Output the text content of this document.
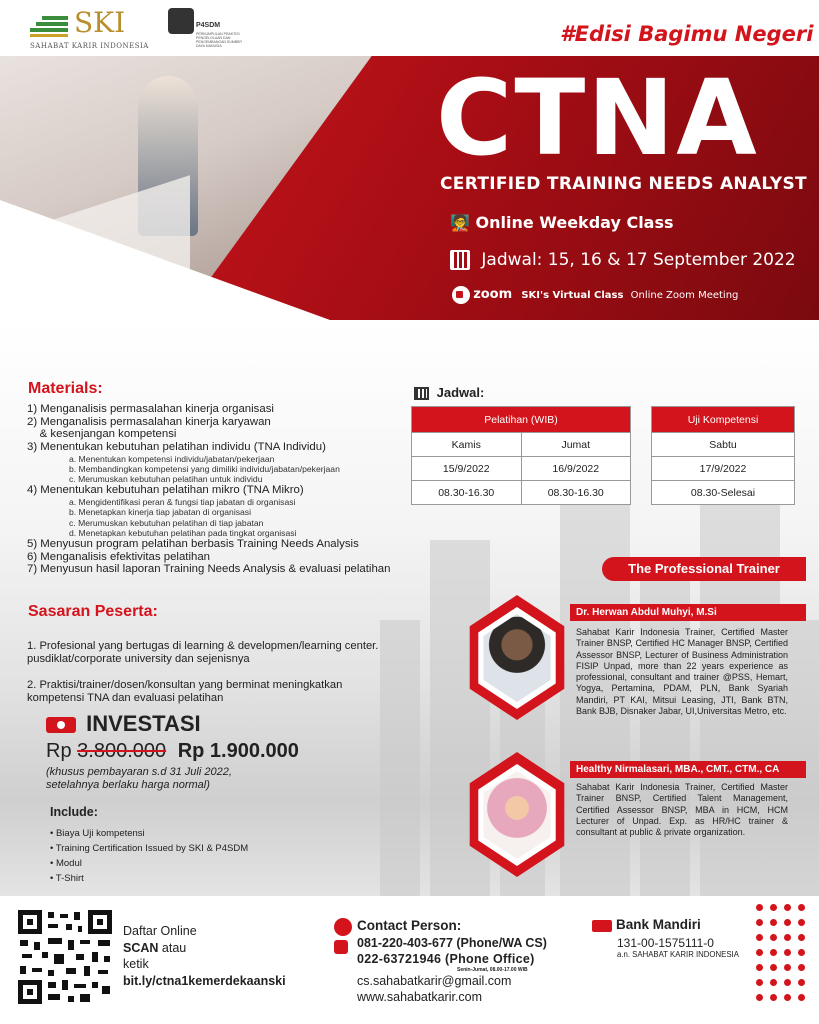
SKI
SAHABAT KARIR INDONESIA
P4SDM
PERKUMPULAN PRAKTISI PENGELOLAAN DAN PENGEMBANGAN SUMBER DAYA MANUSIA	#Edisi Bagimu Negeri
CTNA
CERTIFIED TRAINING NEEDS ANALYST
🧑‍🏫 Online Weekday Class
Jadwal: 15, 16 & 17 September 2022
zoom SKI's Virtual Class Online Zoom Meeting
Materials:
1) Menganalisis permasalahan kinerja organisasi
2) Menganalisis permasalahan kinerja karyawan
& kesenjangan kompetensi
3) Menentukan kebutuhan pelatihan individu (TNA Individu)
a. Menentukan kompetensi individu/jabatan/pekerjaan
b. Membandingkan kompetensi yang dimiliki individu/jabatan/pekerjaan
c. Merumuskan kebutuhan pelatihan untuk individu
4) Menentukan kebutuhan pelatihan mikro (TNA Mikro)
a. Mengidentifikasi peran & fungsi tiap jabatan di organisasi
b. Menetapkan kinerja tiap jabatan di organisasi
c. Merumuskan kebutuhan pelatihan di tiap jabatan
d. Menetapkan kebutuhan pelatihan pada tingkat organisasi
5) Menyusun program pelatihan berbasis Training Needs Analysis
6) Menganalisis efektivitas pelatihan
7) Menyusun hasil laporan Training Needs Analysis & evaluasi pelatihan
Jadwal:
Pelatihan (WIB)	
Kamis	Jumat
15/9/2022	16/9/2022
08.30-16.30	08.30-16.30
Uji Kompetensi
Sabtu
17/9/2022
08.30-Selesai
Sasaran Peserta:

1. Profesional yang bertugas di learning & developmen/learning center.
pusdiklat/corporate university dan sejenisnya

2. Praktisi/trainer/dosen/konsultan yang berminat meningkatkan
kompetensi TNA dan evaluasi pelatihan

The Professional Trainer
Dr. Herwan Abdul Muhyi, M.Si
Sahabat Karir Indonesia Trainer, Certified Master Trainer BNSP, Certified HC Manager BNSP, Certified Assessor BNSP, Lecturer of Business Administration FISIP Unpad, more than 22 years experience as professional, consultant and trainer @PSS, Hemart, Yogya, Pertamina, PDAM, PLN, Bank Syariah Mandiri, PT KAI, Mitsui Leasing, JTI, Bank BTN, Bank BJB, Disnaker Jabar, UI,Universitas Metro, etc.
Healthy Nirmalasari, MBA., CMT., CTM., CA
Sahabat Karir Indonesia Trainer, Certified Master Trainer BNSP, Certified Talent Management, Certified Assessor BNSP, MBA in HCM, HCM Lecturer of Unpad. Exp. as HR/HC trainer & consultant at public & private organization.
INVESTASI
Rp 3.800.000 Rp 1.900.000
(khusus pembayaran s.d 31 Juli 2022,
setelahnya berlaku harga normal)
Include:
• Biaya Uji kompetensi
• Training Certification Issued by SKI & P4SDM
• Modul
• T-Shirt
Daftar Online
SCAN atau
ketik
bit.ly/ctna1kemerdekaanski
Contact Person:
081-220-403-677 (Phone/WA CS)
022-63721946 (Phone Office)
Senin-Jumat, 08.00-17.00 WIB
cs.sahabatkarir@gmail.com
www.sahabatkarir.com
Bank Mandiri
131-00-1575111-0
a.n. SAHABAT KARIR INDONESIA
